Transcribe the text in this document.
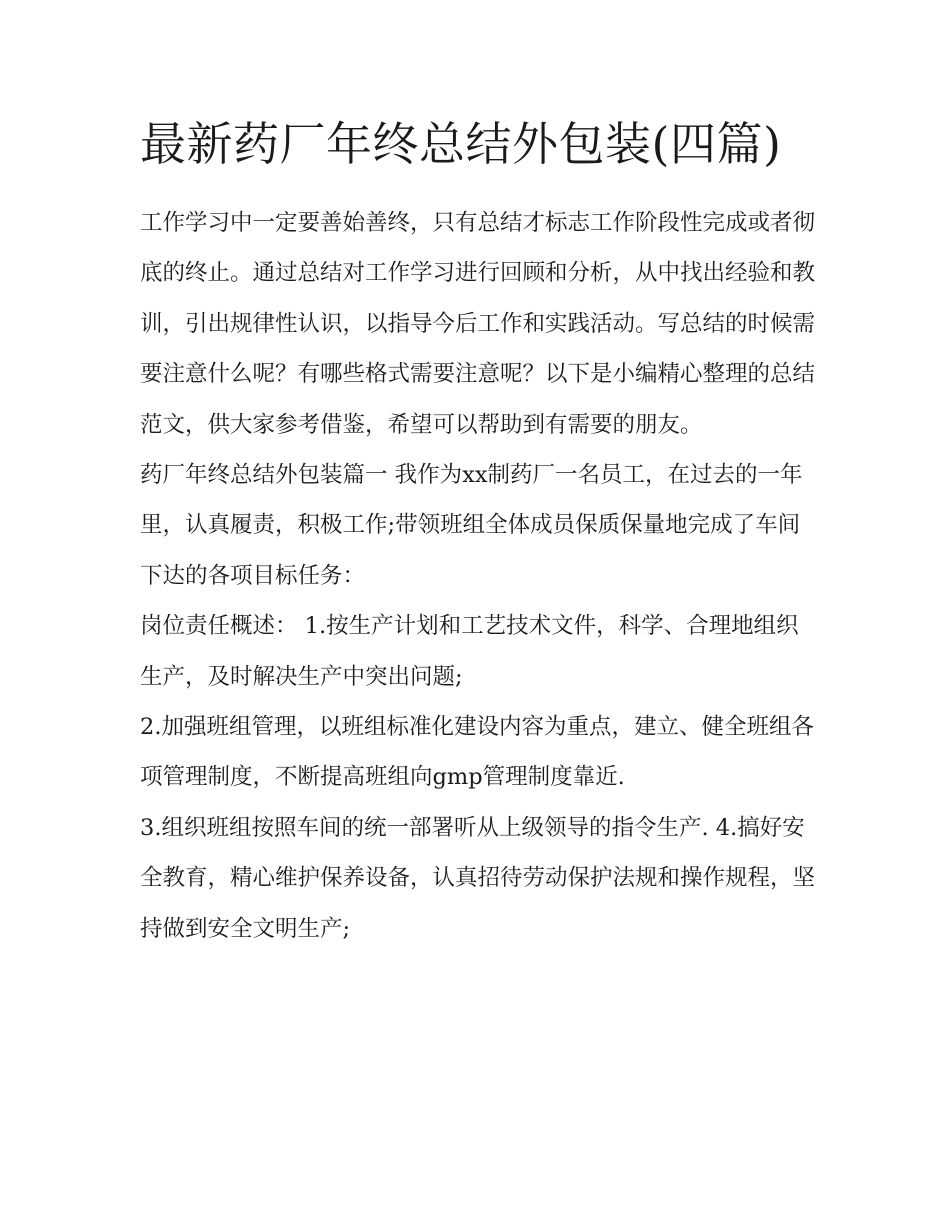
最新药厂年终总结外包装(四篇)

工作学习中一定要善始善终，只有总结才标志工作阶段性完成或者彻底的终止。通过总结对工作学习进行回顾和分析，从中找出经验和教训，引出规律性认识，以指导今后工作和实践活动。写总结的时候需要注意什么呢？有哪些格式需要注意呢？以下是小编精心整理的总结范文，供大家参考借鉴，希望可以帮助到有需要的朋友。

药厂年终总结外包装篇一 我作为xx制药厂一名员工，在过去的一年里，认真履责，积极工作;带领班组全体成员保质保量地完成了车间下达的各项目标任务：

岗位责任概述： 1.按生产计划和工艺技术文件，科学、合理地组织生产，及时解决生产中突出问题;

2.加强班组管理，以班组标准化建设内容为重点，建立、健全班组各项管理制度，不断提高班组向gmp管理制度靠近.

3.组织班组按照车间的统一部署听从上级领导的指令生产. 4.搞好安全教育，精心维护保养设备，认真招待劳动保护法规和操作规程，坚持做到安全文明生产;
